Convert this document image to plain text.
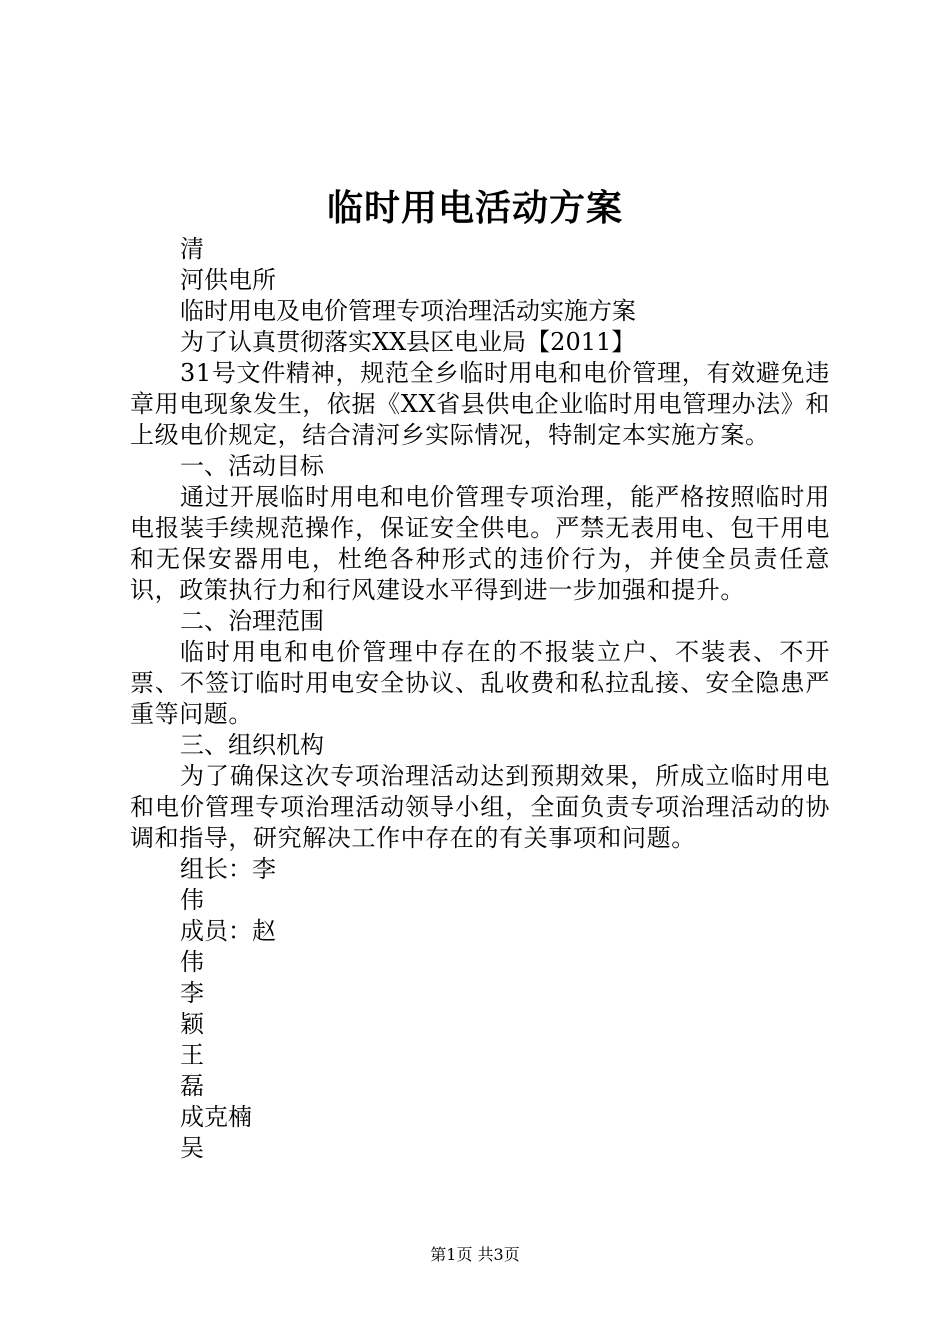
临时用电活动方案

清

河供电所

临时用电及电价管理专项治理活动实施方案

为了认真贯彻落实XX县区电业局【2011】

31号文件精神，规范全乡临时用电和电价管理，有效避免违章用电现象发生，依据《XX省县供电企业临时用电管理办法》和上级电价规定，结合清河乡实际情况，特制定本实施方案。

一、活动目标

通过开展临时用电和电价管理专项治理，能严格按照临时用电报装手续规范操作，保证安全供电。严禁无表用电、包干用电和无保安器用电，杜绝各种形式的违价行为，并使全员责任意识，政策执行力和行风建设水平得到进一步加强和提升。

二、治理范围

临时用电和电价管理中存在的不报装立户、不装表、不开票、不签订临时用电安全协议、乱收费和私拉乱接、安全隐患严重等问题。

三、组织机构

为了确保这次专项治理活动达到预期效果，所成立临时用电和电价管理专项治理活动领导小组，全面负责专项治理活动的协调和指导，研究解决工作中存在的有关事项和问题。

组长：李

伟

成员：赵

伟

李

颖

王

磊

成克楠

吴

第1页 共3页
